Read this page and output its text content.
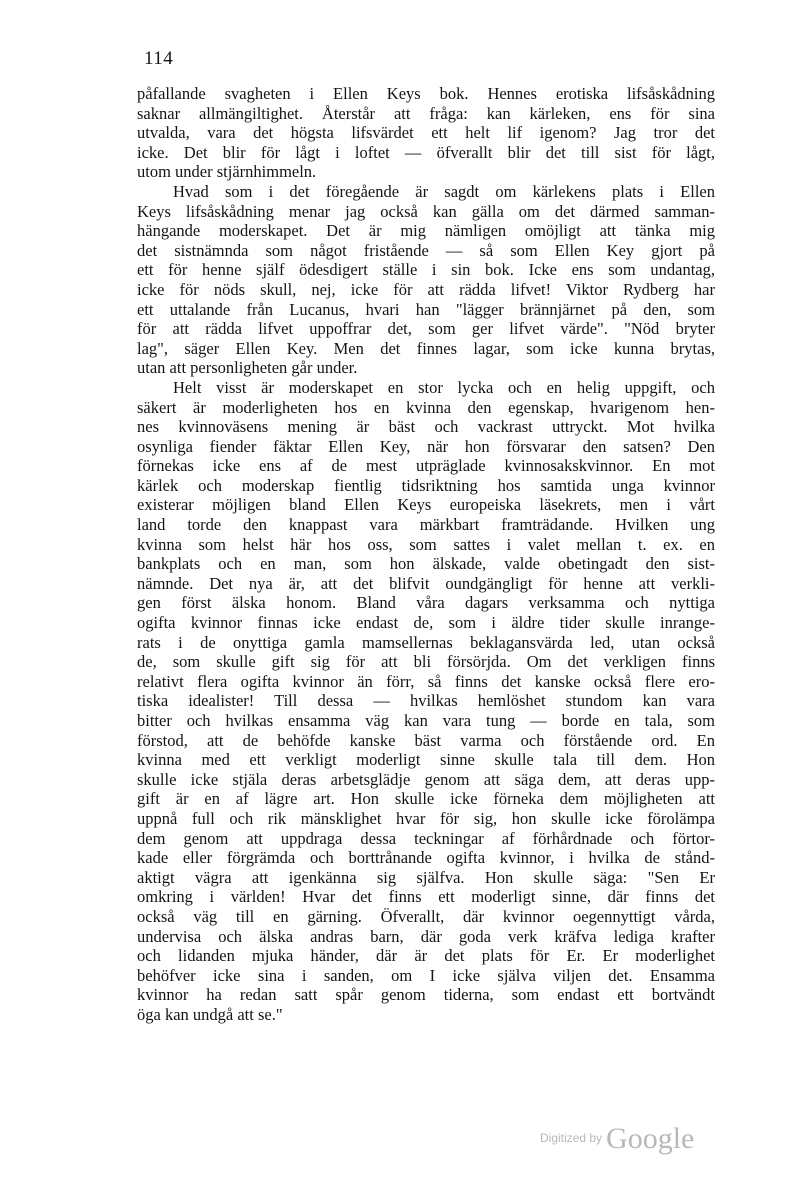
114
påfallande svagheten i Ellen Keys bok. Hennes erotiska lifsåskådning
saknar allmängiltighet. Återstår att fråga: kan kärleken, ens för sina
utvalda, vara det högsta lifsvärdet ett helt lif igenom? Jag tror det
icke. Det blir för lågt i loftet — öfverallt blir det till sist för lågt,
utom under stjärnhimmeln.
Hvad som i det föregående är sagdt om kärlekens plats i Ellen
Keys lifsåskådning menar jag också kan gälla om det därmed samman-
hängande moderskapet. Det är mig nämligen omöjligt att tänka mig
det sistnämnda som något fristående — så som Ellen Key gjort på
ett för henne själf ödesdigert ställe i sin bok. Icke ens som undantag,
icke för nöds skull, nej, icke för att rädda lifvet! Viktor Rydberg har
ett uttalande från Lucanus, hvari han "lägger brännjärnet på den, som
för att rädda lifvet uppoffrar det, som ger lifvet värde". "Nöd bryter
lag", säger Ellen Key. Men det finnes lagar, som icke kunna brytas,
utan att personligheten går under.
Helt visst är moderskapet en stor lycka och en helig uppgift, och
säkert är moderligheten hos en kvinna den egenskap, hvarigenom hen-
nes kvinnoväsens mening är bäst och vackrast uttryckt. Mot hvilka
osynliga fiender fäktar Ellen Key, när hon försvarar den satsen? Den
förnekas icke ens af de mest utpräglade kvinnosakskvinnor. En mot
kärlek och moderskap fientlig tidsriktning hos samtida unga kvinnor
existerar möjligen bland Ellen Keys europeiska läsekrets, men i vårt
land torde den knappast vara märkbart framträdande. Hvilken ung
kvinna som helst här hos oss, som sattes i valet mellan t. ex. en
bankplats och en man, som hon älskade, valde obetingadt den sist-
nämnde. Det nya är, att det blifvit oundgängligt för henne att verkli-
gen först älska honom. Bland våra dagars verksamma och nyttiga
ogifta kvinnor finnas icke endast de, som i äldre tider skulle inrange-
rats i de onyttiga gamla mamsellernas beklagansvärda led, utan också
de, som skulle gift sig för att bli försörjda. Om det verkligen finns
relativt flera ogifta kvinnor än förr, så finns det kanske också flere ero-
tiska idealister! Till dessa — hvilkas hemlöshet stundom kan vara
bitter och hvilkas ensamma väg kan vara tung — borde en tala, som
förstod, att de behöfde kanske bäst varma och förstående ord. En
kvinna med ett verkligt moderligt sinne skulle tala till dem. Hon
skulle icke stjäla deras arbetsglädje genom att säga dem, att deras upp-
gift är en af lägre art. Hon skulle icke förneka dem möjligheten att
uppnå full och rik mänsklighet hvar för sig, hon skulle icke förolämpa
dem genom att uppdraga dessa teckningar af förhårdnade och förtor-
kade eller förgrämda och borttrånande ogifta kvinnor, i hvilka de stånd-
aktigt vägra att igenkänna sig själfva. Hon skulle säga: "Sen Er
omkring i världen! Hvar det finns ett moderligt sinne, där finns det
också väg till en gärning. Öfverallt, där kvinnor oegennyttigt vårda,
undervisa och älska andras barn, där goda verk kräfva lediga krafter
och lidanden mjuka händer, där är det plats för Er. Er moderlighet
behöfver icke sina i sanden, om I icke själva viljen det. Ensamma
kvinnor ha redan satt spår genom tiderna, som endast ett bortvändt
öga kan undgå att se."
$^{Digitized by}$ Google
